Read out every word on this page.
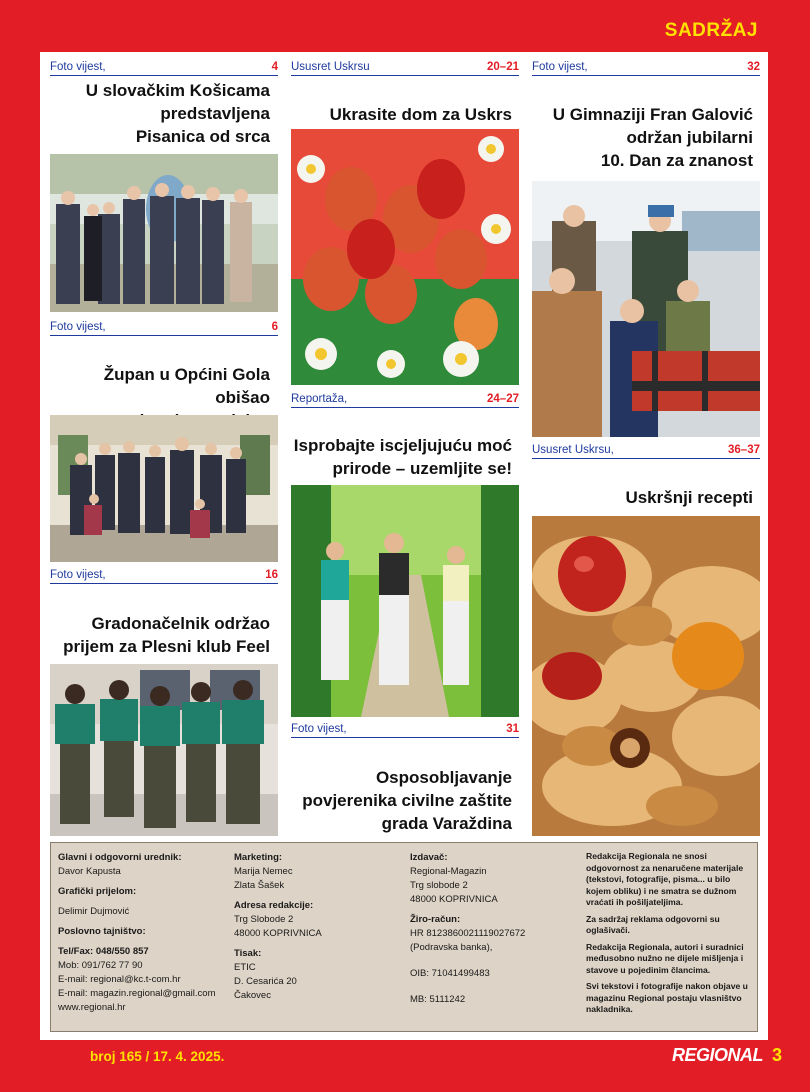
SADRŽAJ
Foto vijest,	4
U slovačkim Košicama
predstavljena
Pisanica od srca
Foto vijest,	6
Župan u Općini Gola obišao
Foto vijest,	16
Gradonačelnik održao
prijem za Plesni klub Feel
Ususret Uskrsu	20–21
Ukrasite dom za Uskrs
Reportaža,	24–27
Isprobajte iscjeljujuću moć
prirode – uzemljite se!
Foto vijest,	31
Osposobljavanje
povjerenika civilne zaštite
grada Varaždina
Foto vijest,	32
U Gimnaziji Fran Galović
održan jubilarni
10. Dan za znanost
Ususret Uskrsu,	36–37
Uskršnji recepti
Glavni i odgovorni urednik:
Davor Kapusta
Grafički prijelom:
Delimir Dujmović
Poslovno tajništvo:
Tel/Fax: 048/550 857
Mob: 091/762 77 90
E-mail: regional@kc.t-com.hr
E-mail: magazin.regional@gmail.com
www.regional.hr
Marketing:
Marija Nemec
Zlata Šašek
Adresa redakcije:
Trg Slobode 2
48000 KOPRIVNICA
Tisak:
ETIC
D. Cesarića 20
Čakovec
Izdavač:
Regional-Magazin
Trg slobode 2
48000 KOPRIVNICA
Žiro-račun:
HR 8123860021119027672
(Podravska banka),
OIB: 71041499483
MB: 5111242

Redakcija Regionala ne snosi odgovornost za nenaručene materijale (tekstovi, fotografije, pisma... u bilo kojem obliku) i ne smatra se dužnom vraćati ih pošiljateljima.

Za sadržaj reklama odgovorni su oglašivači.

Redakcija Regionala, autori i suradnici međusobno nužno ne dijele mišljenja i stavove u pojedinim člancima.

Svi tekstovi i fotografije nakon objave u magazinu Regional postaju vlasništvo nakladnika.

broj 165 / 17. 4. 2025.	REGIONAL 3
